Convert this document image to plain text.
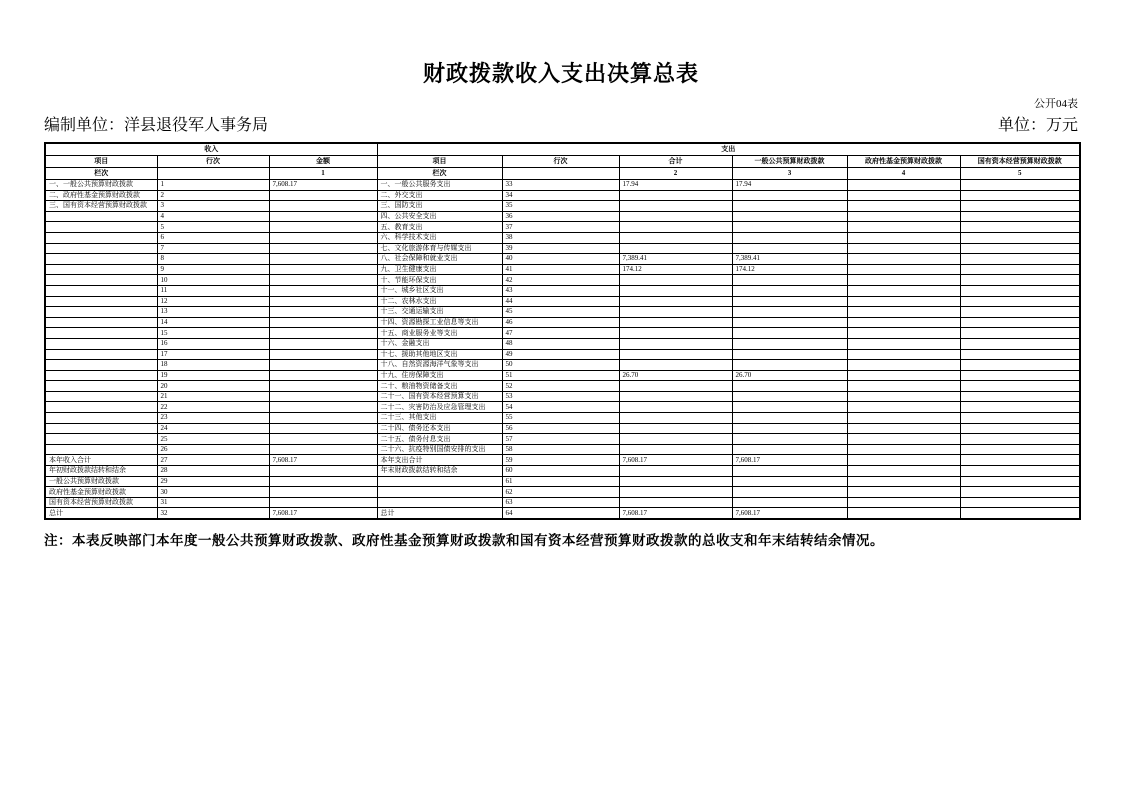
财政拨款收入支出决算总表
公开04表
编制单位：洋县退役军人事务局	单位：万元
收入			支出					
项目	行次	金额	项目	行次	合计	一般公共预算财政拨款	政府性基金预算财政拨款	国有资本经营预算财政拨款
栏次		1	栏次		2	3	4	5
一、一般公共预算财政拨款	1	7,608.17	一、一般公共服务支出	33	17.94	17.94		
二、政府性基金预算财政拨款	2		二、外交支出	34				
三、国有资本经营预算财政拨款	3		三、国防支出	35				
	4		四、公共安全支出	36				
	5		五、教育支出	37				
	6		六、科学技术支出	38				
	7		七、文化旅游体育与传媒支出	39				
	8		八、社会保障和就业支出	40	7,389.41	7,389.41		
	9		九、卫生健康支出	41	174.12	174.12		
	10		十、节能环保支出	42				
	11		十一、城乡社区支出	43				
	12		十二、农林水支出	44				
	13		十三、交通运输支出	45				
	14		十四、资源勘探工业信息等支出	46				
	15		十五、商业服务业等支出	47				
	16		十六、金融支出	48				
	17		十七、援助其他地区支出	49				
	18		十八、自然资源海洋气象等支出	50				
	19		十九、住房保障支出	51	26.70	26.70		
	20		二十、粮油物资储备支出	52				
	21		二十一、国有资本经营预算支出	53				
	22		二十二、灾害防治及应急管理支出	54				
	23		二十三、其他支出	55				
	24		二十四、债务还本支出	56				
	25		二十五、债务付息支出	57				
	26		二十六、抗疫特别国债安排的支出	58				
本年收入合计	27	7,608.17	本年支出合计	59	7,608.17	7,608.17		
年初财政拨款结转和结余	28		年末财政拨款结转和结余	60				
一般公共预算财政拨款	29			61				
政府性基金预算财政拨款	30			62				
国有资本经营预算财政拨款	31			63				
总计	32	7,608.17	总计	64	7,608.17	7,608.17		

注：本表反映部门本年度一般公共预算财政拨款、政府性基金预算财政拨款和国有资本经营预算财政拨款的总收支和年末结转结余情况。
